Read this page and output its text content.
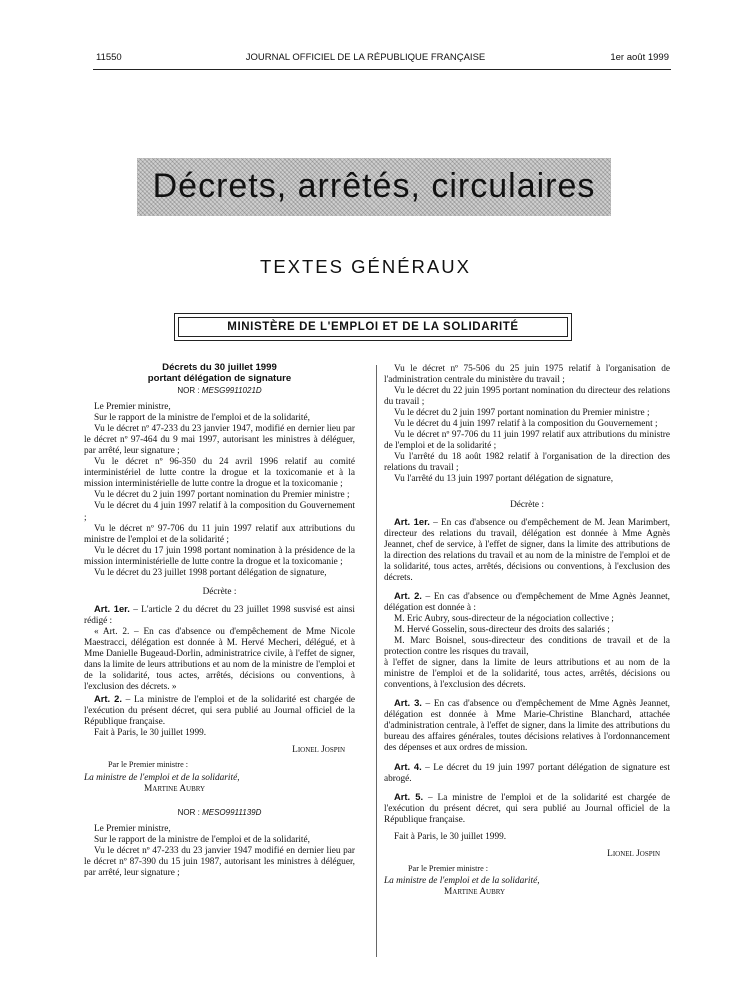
11550	JOURNAL OFFICIEL DE LA RÉPUBLIQUE FRANÇAISE	1er août 1999
Décrets, arrêtés, circulaires
TEXTES GÉNÉRAUX
MINISTÈRE DE L'EMPLOI ET DE LA SOLIDARITÉ

Décrets du 30 juillet 1999

portant délégation de signature

NOR : MESG9911021D

Le Premier ministre,

Sur le rapport de la ministre de l'emploi et de la solidarité,

Vu le décret nº 47-233 du 23 janvier 1947, modifié en dernier lieu par le décret nº 97-464 du 9 mai 1997, autorisant les ministres à déléguer, par arrêté, leur signature ;

Vu le décret nº 96-350 du 24 avril 1996 relatif au comité interministériel de lutte contre la drogue et la toxicomanie et à la mission interministérielle de lutte contre la drogue et la toxicomanie ;

Vu le décret du 2 juin 1997 portant nomination du Premier ministre ;

Vu le décret du 4 juin 1997 relatif à la composition du Gouvernement ;

Vu le décret nº 97-706 du 11 juin 1997 relatif aux attributions du ministre de l'emploi et de la solidarité ;

Vu le décret du 17 juin 1998 portant nomination à la présidence de la mission interministérielle de lutte contre la drogue et la toxicomanie ;

Vu le décret du 23 juillet 1998 portant délégation de signature,

Décrète :

Art. 1er. – L'article 2 du décret du 23 juillet 1998 susvisé est ainsi rédigé :

« Art. 2. – En cas d'absence ou d'empêchement de Mme Nicole Maestracci, délégation est donnée à M. Hervé Mecheri, délégué, et à Mme Danielle Bugeaud-Dorlin, administratrice civile, à l'effet de signer, dans la limite de leurs attributions et au nom de la ministre de l'emploi et de la solidarité, tous actes, arrêtés, décisions ou conventions, à l'exclusion des décrets. »

Art. 2. – La ministre de l'emploi et de la solidarité est chargée de l'exécution du présent décret, qui sera publié au Journal officiel de la République française.

Fait à Paris, le 30 juillet 1999.

Lionel Jospin

Par le Premier ministre :

La ministre de l'emploi et de la solidarité,

Martine Aubry

NOR : MESO9911139D

Le Premier ministre,

Sur le rapport de la ministre de l'emploi et de la solidarité,

Vu le décret nº 47-233 du 23 janvier 1947 modifié en dernier lieu par le décret nº 87-390 du 15 juin 1987, autorisant les ministres à déléguer, par arrêté, leur signature ;

Vu le décret nº 75-506 du 25 juin 1975 relatif à l'organisation de l'administration centrale du ministère du travail ;

Vu le décret du 22 juin 1995 portant nomination du directeur des relations du travail ;

Vu le décret du 2 juin 1997 portant nomination du Premier ministre ;

Vu le décret du 4 juin 1997 relatif à la composition du Gouvernement ;

Vu le décret nº 97-706 du 11 juin 1997 relatif aux attributions du ministre de l'emploi et de la solidarité ;

Vu l'arrêté du 18 août 1982 relatif à l'organisation de la direction des relations du travail ;

Vu l'arrêté du 13 juin 1997 portant délégation de signature,

Décrète :

Art. 1er. – En cas d'absence ou d'empêchement de M. Jean Marimbert, directeur des relations du travail, délégation est donnée à Mme Agnès Jeannet, chef de service, à l'effet de signer, dans la limite des attributions de la direction des relations du travail et au nom de la ministre de l'emploi et de la solidarité, tous actes, arrêtés, décisions ou conventions, à l'exclusion des décrets.

Art. 2. – En cas d'absence ou d'empêchement de Mme Agnès Jeannet, délégation est donnée à :

M. Eric Aubry, sous-directeur de la négociation collective ;

M. Hervé Gosselin, sous-directeur des droits des salariés ;

M. Marc Boisnel, sous-directeur des conditions de travail et de la protection contre les risques du travail,

à l'effet de signer, dans la limite de leurs attributions et au nom de la ministre de l'emploi et de la solidarité, tous actes, arrêtés, décisions ou conventions, à l'exclusion des décrets.

Art. 3. – En cas d'absence ou d'empêchement de Mme Agnès Jeannet, délégation est donnée à Mme Marie-Christine Blanchard, attachée d'administration centrale, à l'effet de signer, dans la limite des attributions du bureau des affaires générales, toutes décisions relatives à l'ordonnancement des dépenses et aux ordres de mission.

Art. 4. – Le décret du 19 juin 1997 portant délégation de signature est abrogé.

Art. 5. – La ministre de l'emploi et de la solidarité est chargée de l'exécution du présent décret, qui sera publié au Journal officiel de la République française.

Fait à Paris, le 30 juillet 1999.

Lionel Jospin

Par le Premier ministre :

La ministre de l'emploi et de la solidarité,

Martine Aubry
